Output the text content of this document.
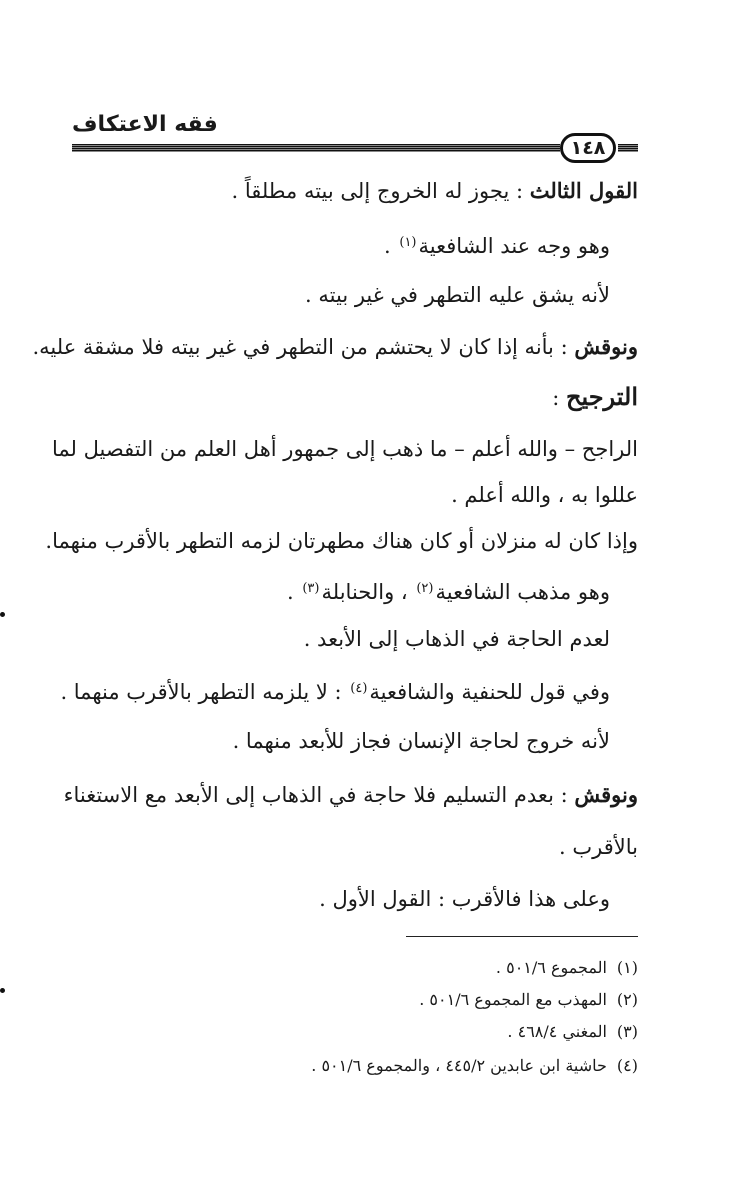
فقه الاعتكاف
١٤٨
القول الثالث : يجوز له الخروج إلى بيته مطلقاً .
وهو وجه عند الشافعية$^{(١)}$ .
لأنه يشق عليه التطهر في غير بيته .
ونوقش : بأنه إذا كان لا يحتشم من التطهر في غير بيته فلا مشقة عليه.
الترجيح :
الراجح – والله أعلم – ما ذهب إلى جمهور أهل العلم من التفصيل لما
عللوا به ، والله أعلم .
وإذا كان له منزلان أو كان هناك مطهرتان لزمه التطهر بالأقرب منهما.
وهو مذهب الشافعية$^{(٢)}$ ، والحنابلة$^{(٣)}$ .
لعدم الحاجة في الذهاب إلى الأبعد .
وفي قول للحنفية والشافعية$^{(٤)}$ : لا يلزمه التطهر بالأقرب منهما .
لأنه خروج لحاجة الإنسان فجاز للأبعد منهما .
ونوقش : بعدم التسليم فلا حاجة في الذهاب إلى الأبعد مع الاستغناء
بالأقرب .
وعلى هذا فالأقرب : القول الأول .
(١)المجموع ٥٠١/٦ .
(٢)المهذب مع المجموع ٥٠١/٦ .
(٣)المغني ٤٦٨/٤ .
(٤)حاشية ابن عابدين ٤٤٥/٢ ، والمجموع ٥٠١/٦ .
